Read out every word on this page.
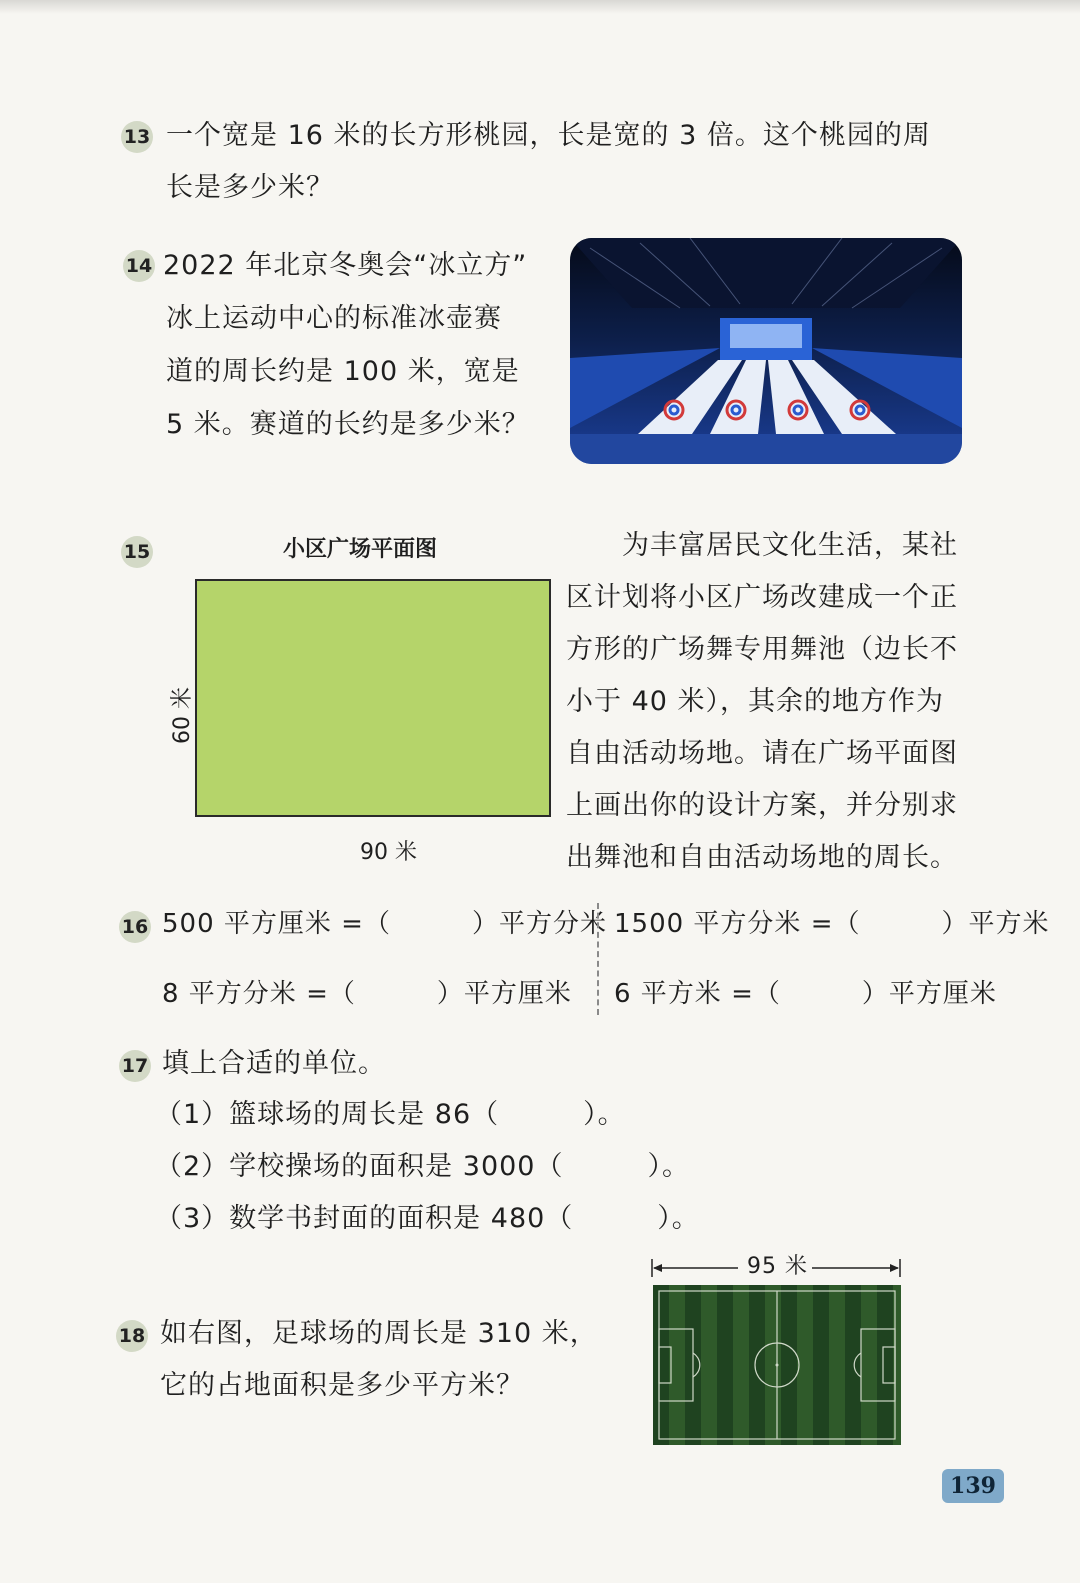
13 一个宽是 16 米的长方形桃园，长是宽的 3 倍。这个桃园的周
长是多少米？
14 2022 年北京冬奥会“冰立方”
冰上运动中心的标准冰壶赛
道的周长约是 100 米，宽是
5 米。赛道的长约是多少米？
15	小区广场平面图
60 米
90 米
为丰富居民文化生活，某社
区计划将小区广场改建成一个正
方形的广场舞专用舞池（边长不
小于 40 米），其余的地方作为
自由活动场地。请在广场平面图
上画出你的设计方案，并分别求
出舞池和自由活动场地的周长。
16 500 平方厘米 =（　　　）平方分米
8 平方分米 =（　　　）平方厘米
1500 平方分米 =（　　　）平方米
6 平方米 =（　　　）平方厘米
17 填上合适的单位。
（1）篮球场的周长是 86（　　　）。
（2）学校操场的面积是 3000（　　　）。
（3）数学书封面的面积是 480（　　　）。
18 如右图，足球场的周长是 310 米，
它的占地面积是多少平方米？
95 米
139
